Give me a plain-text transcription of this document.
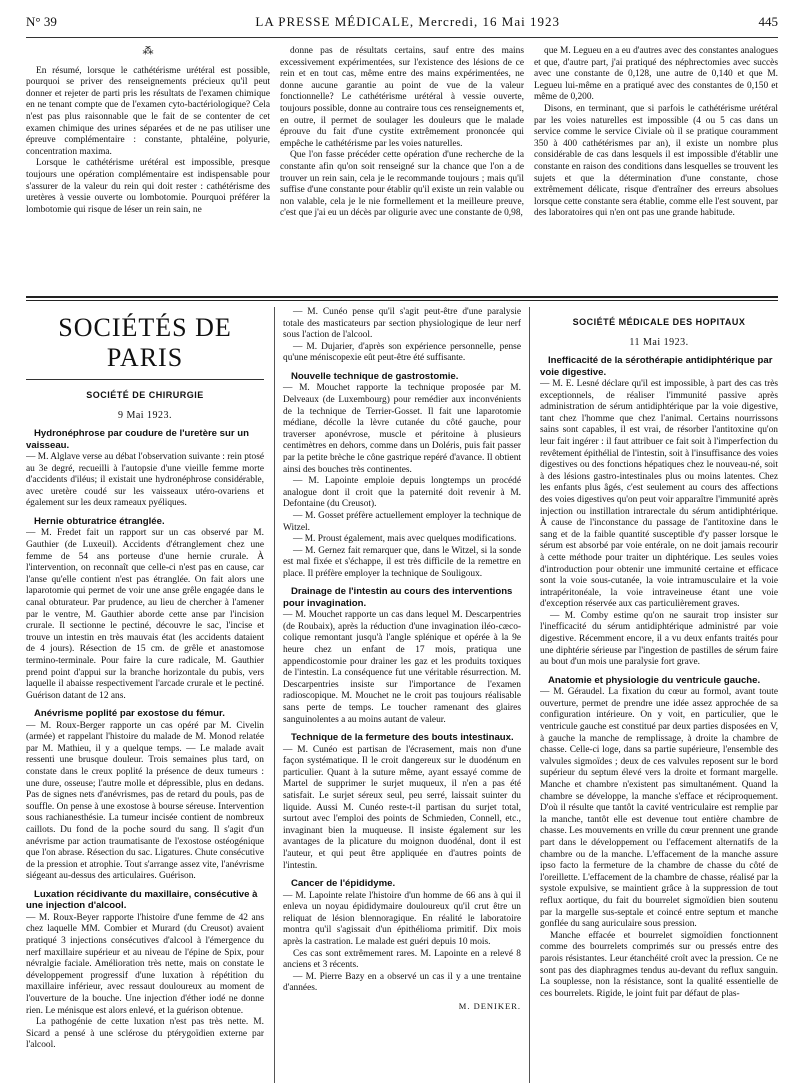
N° 39	LA PRESSE MÉDICALE, Mercredi, 16 Mai 1923	445
⁂

En résumé, lorsque le cathétérisme urétéral est possible, pourquoi se priver des renseignements précieux qu'il peut donner et rejeter de parti pris les résultats de l'examen chimique en ne tenant compte que de l'examen cyto-bactériologique? Cela n'est pas plus raisonnable que le fait de se contenter de cet examen chimique des urines séparées et de ne pas utiliser une épreuve complémentaire : constante, phtaléine, polyurie, concentration maxima.

Lorsque le cathétérisme urétéral est impossible, presque toujours une opération complémentaire est indispensable pour s'assurer de la valeur du rein qui doit rester : cathétérisme des uretères à vessie ouverte ou lombotomie. Pourquoi préférer la lombotomie qui risque de léser un rein sain, ne

donne pas de résultats certains, sauf entre des mains excessivement expérimentées, sur l'existence des lésions de ce rein et en tout cas, même entre des mains expérimentées, ne donne aucune garantie au point de vue de la valeur fonctionnelle? Le cathétérisme urétéral à vessie ouverte, toujours possible, donne au contraire tous ces renseignements et, en outre, il permet de soulager les douleurs que le malade éprouve du fait d'une cystite extrêmement prononcée qui empêche le cathétérisme par les voies naturelles.

Que l'on fasse précéder cette opération d'une recherche de la constante afin qu'on soit renseigné sur la chance que l'on a de trouver un rein sain, cela je le recommande toujours ; mais qu'il suffise d'une constante pour établir qu'il existe un rein valable ou non valable, cela je le nie formellement et la meilleure preuve, c'est que j'ai eu un décès par oligurie avec une constante de 0,98,

que M. Legueu en a eu d'autres avec des constantes analogues et que, d'autre part, j'ai pratiqué des néphrectomies avec succès avec une constante de 0,128, une autre de 0,140 et que M. Legueu lui-même en a pratiqué avec des constantes de 0,150 et même de 0,200.

Disons, en terminant, que si parfois le cathétérisme urétéral par les voies naturelles est impossible (4 ou 5 cas dans un service comme le service Civiale où il se pratique couramment 350 à 400 cathétérismes par an), il existe un nombre plus considérable de cas dans lesquels il est impossible d'établir une constante en raison des conditions dans lesquelles se trouvent les sujets et que la détermination d'une constante, chose extrêmement délicate, risque d'entraîner des erreurs absolues lorsque cette constante sera établie, comme elle l'est souvent, par des laboratoires qui n'en ont pas une grande habitude.

SOCIÉTÉS DE PARIS
SOCIÉTÉ DE CHIRURGIE
9 Mai 1923.
Hydronéphrose par coudure de l'uretère sur un vaisseau.

— M. Alglave verse au débat l'observation suivante : rein ptosé au 3e degré, recueilli à l'autopsie d'une vieille femme morte d'accidents d'iléus; il existait une hydronéphrose considérable, avec uretère coudé sur les vaisseaux utéro-ovariens et également sur les deux rameaux pyéliques.

Hernie obturatrice étranglée.

— M. Fredet fait un rapport sur un cas observé par M. Gauthier (de Luxeuil). Accidents d'étranglement chez une femme de 54 ans porteuse d'une hernie crurale. À l'intervention, on reconnaît que celle-ci n'est pas en cause, car l'anse qu'elle contient n'est pas étranglée. On fait alors une laparotomie qui permet de voir une anse grêle engagée dans le canal obturateur. Par prudence, au lieu de chercher à l'amener par le ventre, M. Gauthier aborde cette anse par l'incision crurale. Il sectionne le pectiné, découvre le sac, l'incise et trouve un intestin en très mauvais état (les accidents dataient de 4 jours). Résection de 15 cm. de grêle et anastomose termino-terminale. Pour faire la cure radicale, M. Gauthier prend point d'appui sur la branche horizontale du pubis, vers laquelle il abaisse respectivement l'arcade crurale et le pectiné. Guérison datant de 12 ans.

Anévrisme poplité par exostose du fémur.

— M. Roux-Berger rapporte un cas opéré par M. Civelin (armée) et rappelant l'histoire du malade de M. Monod relatée par M. Mathieu, il y a quelque temps. — Le malade avait ressenti une brusque douleur. Trois semaines plus tard, on constate dans le creux poplité la présence de deux tumeurs : une dure, osseuse; l'autre molle et dépressible, plus en dedans. Pas de signes nets d'anévrismes, pas de retard du pouls, pas de souffle. On pense à une exostose à bourse séreuse. Intervention sous rachianesthésie. La tumeur incisée contient de nombreux caillots. Du fond de la poche sourd du sang. Il s'agit d'un anévrisme par action traumatisante de l'exostose ostéogénique que l'on abrase. Résection du sac. Ligatures. Chute consécutive de la pression et atrophie. Tout s'arrange assez vite, l'anévrisme siégeant au-dessus des articulaires. Guérison.

Luxation récidivante du maxillaire, consécutive à une injection d'alcool.

— M. Roux-Beyer rapporte l'histoire d'une femme de 42 ans chez laquelle MM. Combier et Murard (du Creusot) avaient pratiqué 3 injections consécutives d'alcool à l'émergence du nerf maxillaire supérieur et au niveau de l'épine de Spix, pour névralgie faciale. Amélioration très nette, mais on constate le développement progressif d'une luxation à répétition du maxillaire inférieur, avec ressaut douloureux au moment de l'ouverture de la bouche. Une injection d'éther iodé ne donne rien. Le ménisque est alors enlevé, et la guérison obtenue.

La pathogénie de cette luxation n'est pas très nette. M. Sicard a pensé à une sclérose du ptérygoïdien externe par l'alcool.

— M. Cunéo pense qu'il s'agit peut-être d'une paralysie totale des masticateurs par section physiologique de leur nerf sous l'action de l'alcool.

— M. Dujarier, d'après son expérience personnelle, pense qu'une méniscopexie eût peut-être été suffisante.

Nouvelle technique de gastrostomie.

— M. Mouchet rapporte la technique proposée par M. Delveaux (de Luxembourg) pour remédier aux inconvénients de la technique de Terrier-Gosset. Il fait une laparotomie médiane, décolle la lèvre cutanée du côté gauche, pour traverser aponévrose, muscle et péritoine à plusieurs centimètres en dehors, comme dans un Doléris, puis fait passer par la petite brèche le cône gastrique repéré d'avance. Il obtient ainsi des bouches très continentes.

— M. Lapointe emploie depuis longtemps un procédé analogue dont il croit que la paternité doit revenir à M. Defontaine (du Creusot).

— M. Gosset préfère actuellement employer la technique de Witzel.

— M. Proust également, mais avec quelques modifications.

— M. Gernez fait remarquer que, dans le Witzel, si la sonde est mal fixée et s'échappe, il est très difficile de la remettre en place. Il préfère employer la technique de Souligoux.

Drainage de l'intestin au cours des interventions pour invagination.

— M. Mouchet rapporte un cas dans lequel M. Descarpentries (de Roubaix), après la réduction d'une invagination iléo-cæco-colique remontant jusqu'à l'angle splénique et opérée à la 9e heure chez un enfant de 17 mois, pratiqua une appendicostomie pour drainer les gaz et les produits toxiques de l'intestin. La conséquence fut une véritable résurrection. M. Descarpentries insiste sur l'importance de l'examen radioscopique. M. Mouchet ne le croit pas toujours réalisable sans perte de temps. Le toucher ramenant des glaires sanguinolentes a au moins autant de valeur.

Technique de la fermeture des bouts intestinaux.

— M. Cunéo est partisan de l'écrasement, mais non d'une façon systématique. Il le croit dangereux sur le duodénum en particulier. Quant à la suture même, ayant essayé comme de Martel de supprimer le surjet muqueux, il n'en a pas été satisfait. Le surjet séreux seul, peu serré, laissait suinter du liquide. Aussi M. Cunéo reste-t-il partisan du surjet total, surtout avec l'emploi des points de Schmieden, Connell, etc., invaginant bien la muqueuse. Il insiste également sur les avantages de la plicature du moignon duodénal, dont il est l'auteur, et qui peut être appliquée en d'autres points de l'intestin.

Cancer de l'épididyme.

— M. Lapointe relate l'histoire d'un homme de 66 ans à qui il enleva un noyau épididymaire douloureux qu'il crut être un reliquat de lésion blennoragique. En réalité le laboratoire montra qu'il s'agissait d'un épithélioma primitif. Dix mois après la castration. Le malade est guéri depuis 10 mois.

Ces cas sont extrêmement rares. M. Lapointe en a relevé 8 anciens et 3 récents.

— M. Pierre Bazy en a observé un cas il y a une trentaine d'années.

M. DENIKER.
SOCIÉTÉ MÉDICALE DES HOPITAUX
11 Mai 1923.
Inefficacité de la sérothérapie antidiphtérique par voie digestive.

— M. E. Lesné déclare qu'il est impossible, à part des cas très exceptionnels, de réaliser l'immunité passive après administration de sérum antidiphtérique par la voie digestive, tant chez l'homme que chez l'animal. Certains nourrissons sains sont capables, il est vrai, de résorber l'antitoxine qu'on leur fait ingérer : il faut attribuer ce fait soit à l'imperfection du revêtement épithélial de l'intestin, soit à l'insuffisance des voies digestives ou des fonctions hépatiques chez le nouveau-né, soit à des lésions gastro-intestinales plus ou moins latentes. Chez les enfants plus âgés, c'est seulement au cours des affections des voies digestives qu'on peut voir apparaître l'immunité après injection ou instillation intrarectale du sérum antidiphtérique. À cause de l'inconstance du passage de l'antitoxine dans le sang et de la faible quantité susceptible d'y passer lorsque le sérum est absorbé par voie entérale, on ne doit jamais recourir à cette méthode pour traiter un diphtérique. Les seules voies d'introduction pour obtenir une immunité certaine et efficace sont la voie sous-cutanée, la voie intramusculaire et la voie intrapéritonéale, la voie intraveineuse étant une voie d'exception réservée aux cas particulièrement graves.

— M. Comby estime qu'on ne saurait trop insister sur l'inefficacité du sérum antidiphtérique administré par voie digestive. Récemment encore, il a vu deux enfants traités pour une diphtérie sérieuse par l'ingestion de pastilles de sérum faire au bout d'un mois une paralysie fort grave.

Anatomie et physiologie du ventricule gauche.

— M. Géraudel. La fixation du cœur au formol, avant toute ouverture, permet de prendre une idée assez approchée de sa configuration intérieure. On y voit, en particulier, que le ventricule gauche est constitué par deux parties disposées en V, à gauche la manche de remplissage, à droite la chambre de chasse. Celle-ci loge, dans sa partie supérieure, l'ensemble des valvules sigmoïdes ; deux de ces valvules reposent sur le bord supérieur du septum élevé vers la droite et formant margelle. Manche et chambre n'existent pas simultanément. Quand la chambre se développe, la manche s'efface et réciproquement. D'où il résulte que tantôt la cavité ventriculaire est remplie par la manche, tantôt elle est devenue tout entière chambre de chasse. Les mouvements en vrille du cœur prennent une grande part dans le développement ou l'effacement alternatifs de la chambre ou de la manche. L'effacement de la manche assure ipso facto la fermeture de la chambre de chasse du côté de l'oreillette. L'effacement de la chambre de chasse, réalisé par la systole expulsive, se maintient grâce à la suppression de tout reflux aortique, du fait du bourrelet sigmoïdien bien soutenu par la margelle sus-septale et coincé entre septum et manche gonflée du sang auriculaire sous pression.

Manche effacée et bourrelet sigmoïdien fonctionnent comme des bourrelets comprimés sur ou pressés entre des parois résistantes. Leur étanchéité croît avec la pression. Ce ne sont pas des diaphragmes tendus au-devant du reflux sanguin. La souplesse, non la résistance, sont la qualité essentielle de ces bourrelets. Rigide, le joint fuit par défaut de plas-
